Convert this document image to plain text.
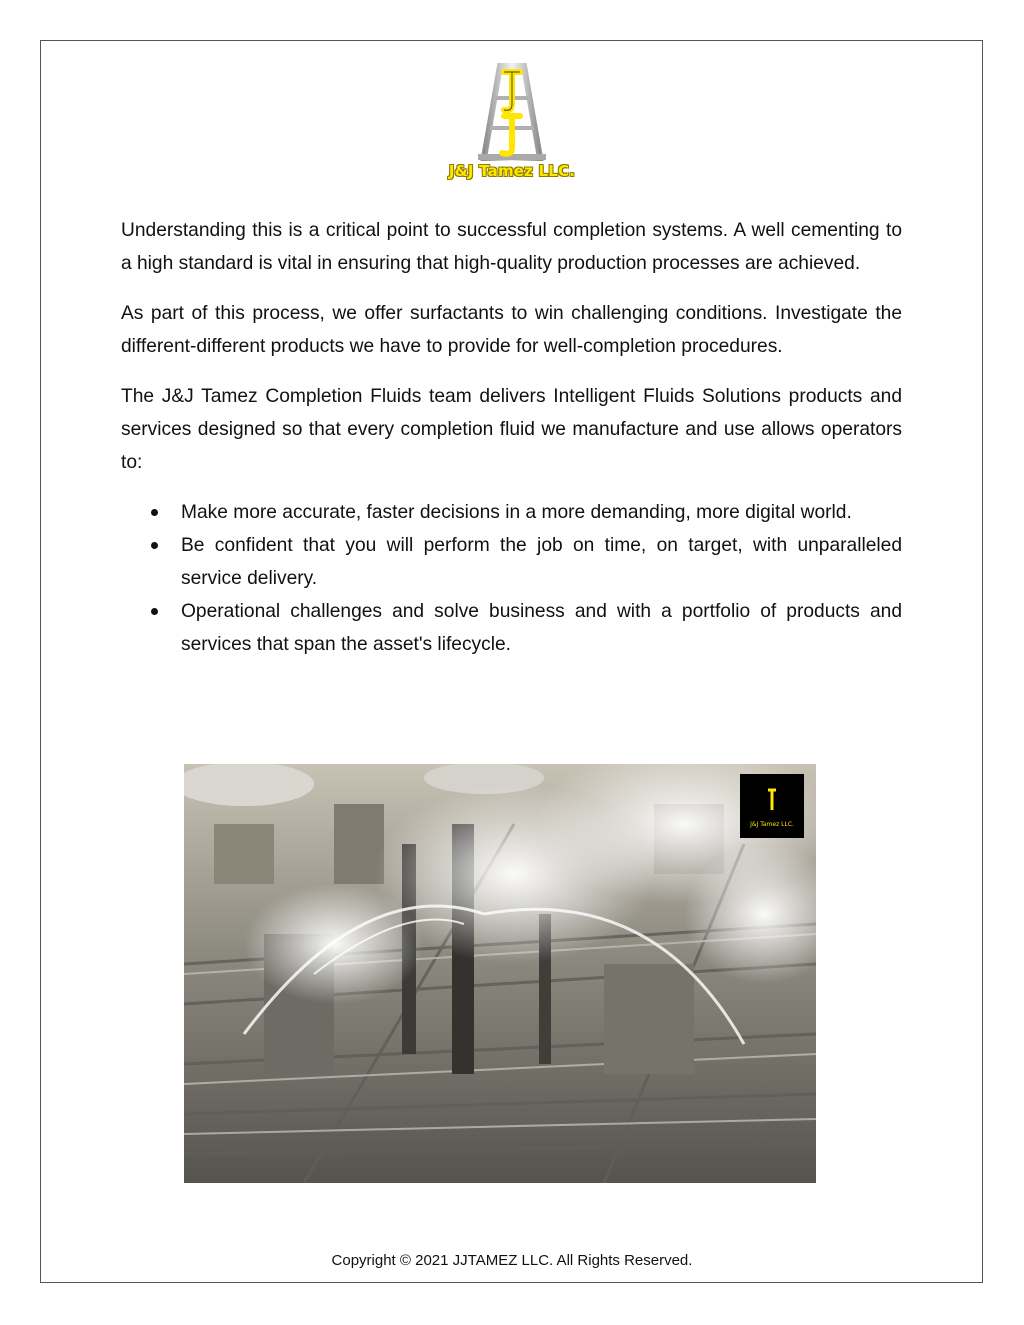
J&J Tamez LLC.

Understanding this is a critical point to successful completion systems. A well cementing to a high standard is vital in ensuring that high-quality production processes are achieved.

As part of this process, we offer surfactants to win challenging conditions. Investigate the different-different products we have to provide for well-completion procedures.

The J&J Tamez Completion Fluids team delivers Intelligent Fluids Solutions products and services designed so that every completion fluid we manufacture and use allows operators to:

Make more accurate, faster decisions in a more demanding, more digital world.
Be confident that you will perform the job on time, on target, with unparalleled service delivery.
Operational challenges and solve business and with a portfolio of products and services that span the asset's lifecycle.
J&J Tamez LLC.
Copyright © 2021 JJTAMEZ LLC. All Rights Reserved.
